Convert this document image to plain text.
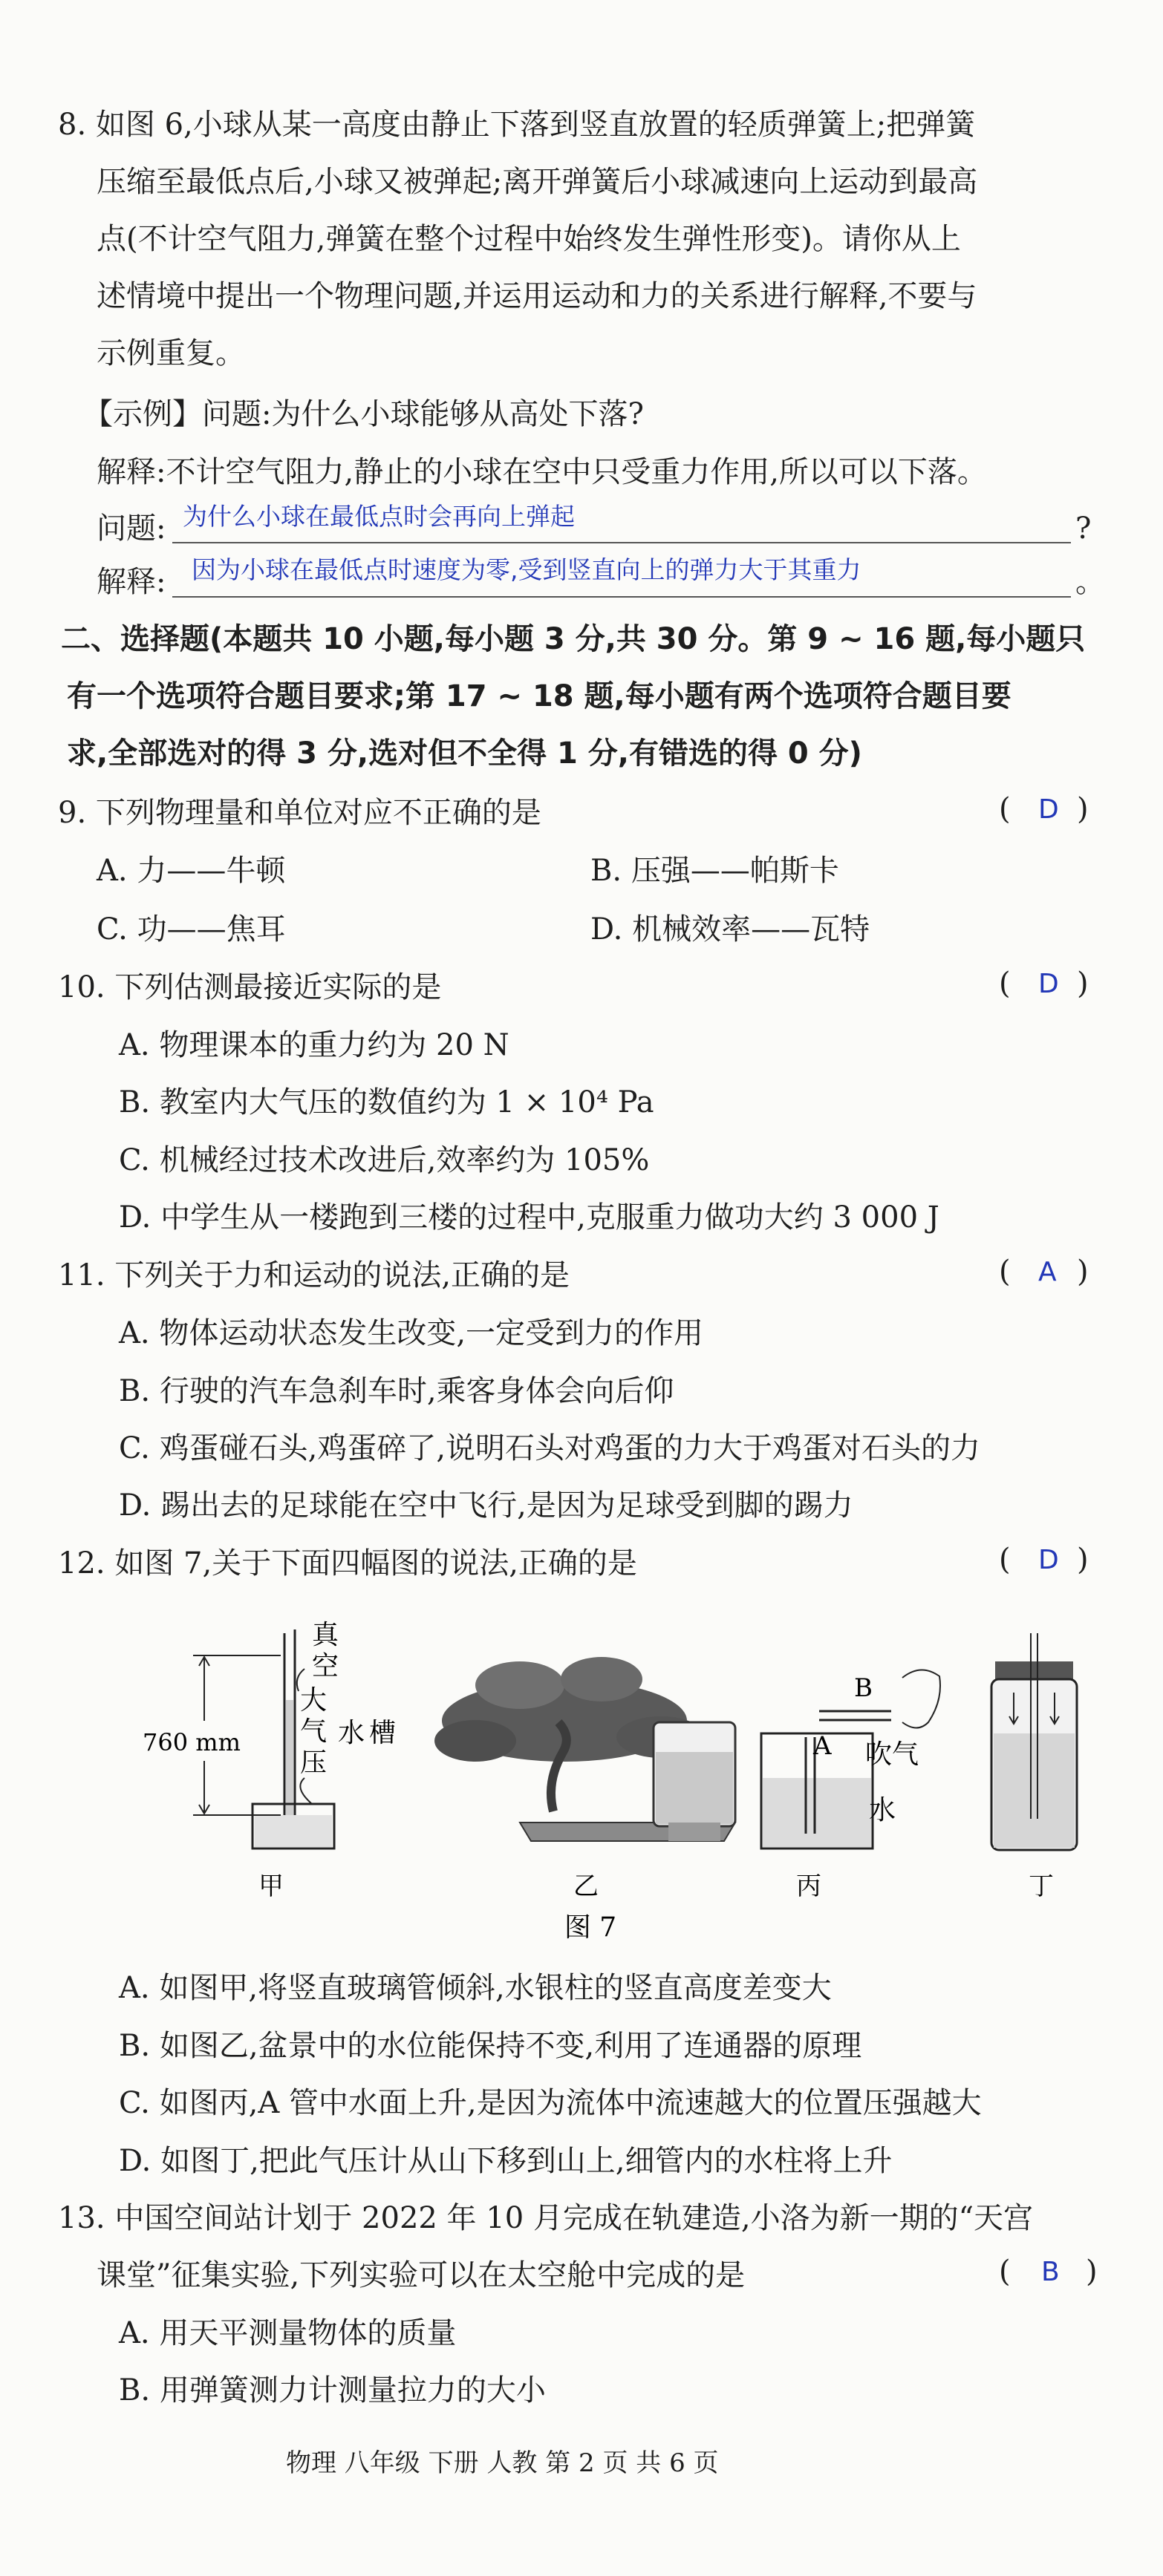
8. 如图 6,小球从某一高度由静止下落到竖直放置的轻质弹簧上;把弹簧
压缩至最低点后,小球又被弹起;离开弹簧后小球减速向上运动到最高
点(不计空气阻力,弹簧在整个过程中始终发生弹性形变)。请你从上
述情境中提出一个物理问题,并运用运动和力的关系进行解释,不要与
示例重复。
【示例】问题:为什么小球能够从高处下落?
解释:不计空气阻力,静止的小球在空中只受重力作用,所以可以下落。
问题: 为什么小球在最低点时会再向上弹起	?
解释: 因为小球在最低点时速度为零,受到竖直向上的弹力大于其重力	。
二、选择题(本题共 10 小题,每小题 3 分,共 30 分。第 9 ~ 16 题,每小题只
有一个选项符合题目要求;第 17 ~ 18 题,每小题有两个选项符合题目要
求,全部选对的得 3 分,选对但不全得 1 分,有错选的得 0 分)
9. 下列物理量和单位对应不正确的是	( D )
A. 力——牛顿	B. 压强——帕斯卡
C. 功——焦耳	D. 机械效率——瓦特
10. 下列估测最接近实际的是	( D )
A. 物理课本的重力约为 20 N
B. 教室内大气压的数值约为 1 × 10⁴ Pa
C. 机械经过技术改进后,效率约为 105%
D. 中学生从一楼跑到三楼的过程中,克服重力做功大约 3 000 J
11. 下列关于力和运动的说法,正确的是	( A )
A. 物体运动状态发生改变,一定受到力的作用
B. 行驶的汽车急刹车时,乘客身体会向后仰
C. 鸡蛋碰石头,鸡蛋碎了,说明石头对鸡蛋的力大于鸡蛋对石头的力
D. 踢出去的足球能在空中飞行,是因为足球受到脚的踢力
12. 如图 7,关于下面四幅图的说法,正确的是	( D )
真
空
760 mm
大
气
压
水 槽
B
A 吹气
水
甲	乙	丙	丁
图 7
A. 如图甲,将竖直玻璃管倾斜,水银柱的竖直高度差变大
B. 如图乙,盆景中的水位能保持不变,利用了连通器的原理
C. 如图丙,A 管中水面上升,是因为流体中流速越大的位置压强越大
D. 如图丁,把此气压计从山下移到山上,细管内的水柱将上升
13. 中国空间站计划于 2022 年 10 月完成在轨建造,小洛为新一期的“天宫
课堂”征集实验,下列实验可以在太空舱中完成的是	( B )
A. 用天平测量物体的质量
B. 用弹簧测力计测量拉力的大小
物理 八年级 下册 人教 第 2 页 共 6 页
